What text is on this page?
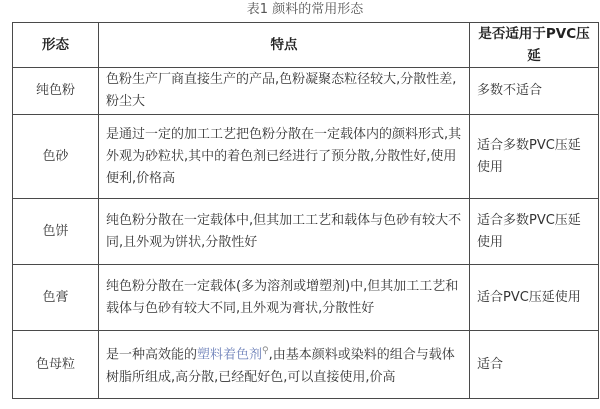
表1 颜料的常用形态
形态	特点	是否适用于PVC压延
纯色粉	色粉生产厂商直接生产的产品,色粉凝聚态粒径较大,分散性差,粉尘大	多数不适合
色砂	是通过一定的加工工艺把色粉分散在一定载体内的颜料形式,其外观为砂粒状,其中的着色剂已经进行了预分散,分散性好,使用便利,价格高	适合多数PVC压延使用
色饼	纯色粉分散在一定载体中,但其加工工艺和载体与色砂有较大不同,且外观为饼状,分散性好	适合多数PVC压延使用
色膏	纯色粉分散在一定载体(多为溶剂或增塑剂)中,但其加工工艺和载体与色砂有较大不同,且外观为膏状,分散性好	适合PVC压延使用
色母粒	是一种高效能的塑料着色剂⚲,由基本颜料或染料的组合与载体树脂所组成,高分散,已经配好色,可以直接使用,价高	适合
